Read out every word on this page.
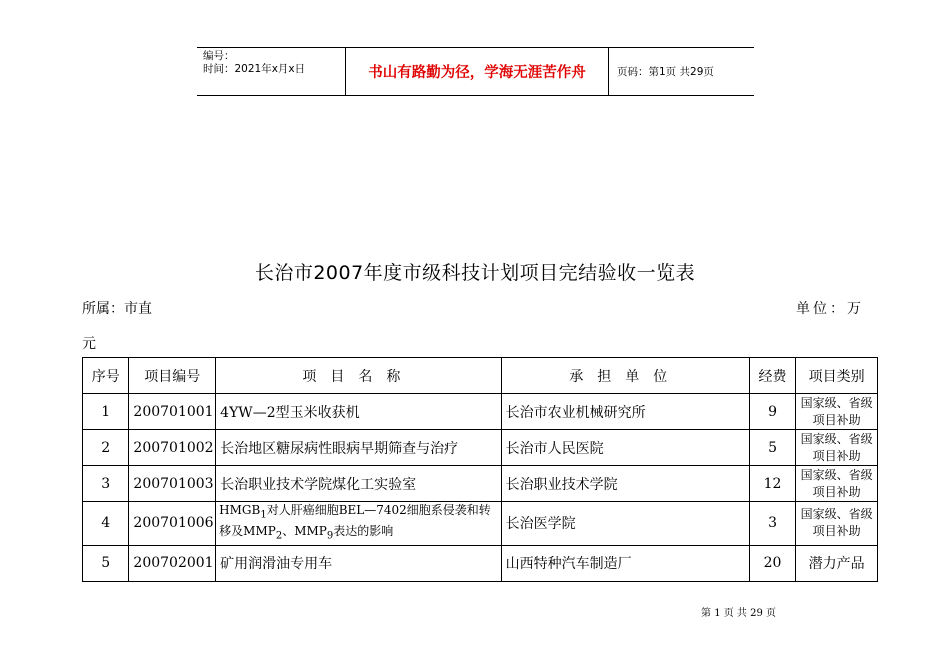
编号：
时间：2021年x月x日	书山有路勤为径，学海无涯苦作舟	页码：第1页 共29页
长治市2007年度市级科技计划项目完结验收一览表
所属：市直	单位：万
元
序号	项目编号	项目名称	承担单位	经费	项目类别
1	200701001	4YW—2型玉米收获机	长治市农业机械研究所	9	国家级、省级项目补助
2	200701002	长治地区糖尿病性眼病早期筛查与治疗	长治市人民医院	5	国家级、省级项目补助
3	200701003	长治职业技术学院煤化工实验室	长治职业技术学院	12	国家级、省级项目补助
4	200701006	$HMGB_1$对人肝癌细胞BEL—7402细胞系侵袭和转移及$MMP_2$、$MMP_9$表达的影响	长治医学院	3	国家级、省级项目补助
5	200702001	矿用润滑油专用车	山西特种汽车制造厂	20	潜力产品
第 1 页 共 29 页
